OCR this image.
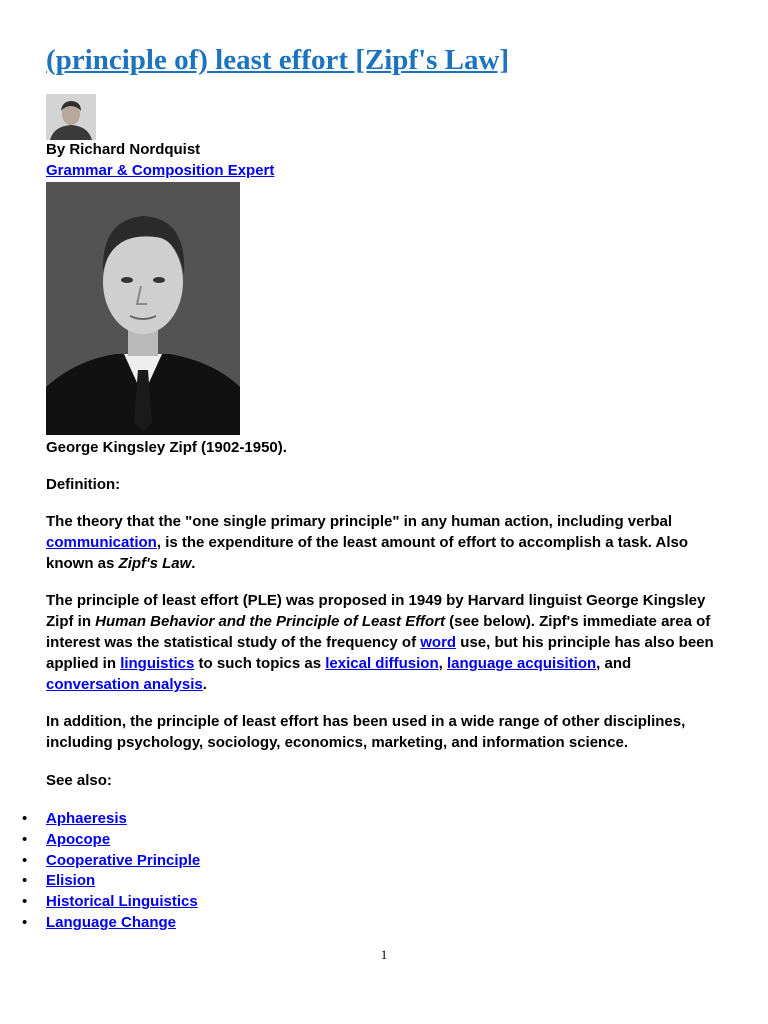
(principle of) least effort [Zipf's Law]
By Richard Nordquist
Grammar & Composition Expert
George Kingsley Zipf (1902-1950).
Definition:
The theory that the "one single primary principle" in any human action, including verbal communication, is the expenditure of the least amount of effort to accomplish a task. Also known as Zipf's Law.
The principle of least effort (PLE) was proposed in 1949 by Harvard linguist George Kingsley Zipf in Human Behavior and the Principle of Least Effort (see below). Zipf's immediate area of interest was the statistical study of the frequency of word use, but his principle has also been applied in linguistics to such topics as lexical diffusion, language acquisition, and conversation analysis.
In addition, the principle of least effort has been used in a wide range of other disciplines, including psychology, sociology, economics, marketing, and information science.
See also:
• Aphaeresis
• Apocope
• Cooperative Principle
• Elision
• Historical Linguistics
• Language Change
1
